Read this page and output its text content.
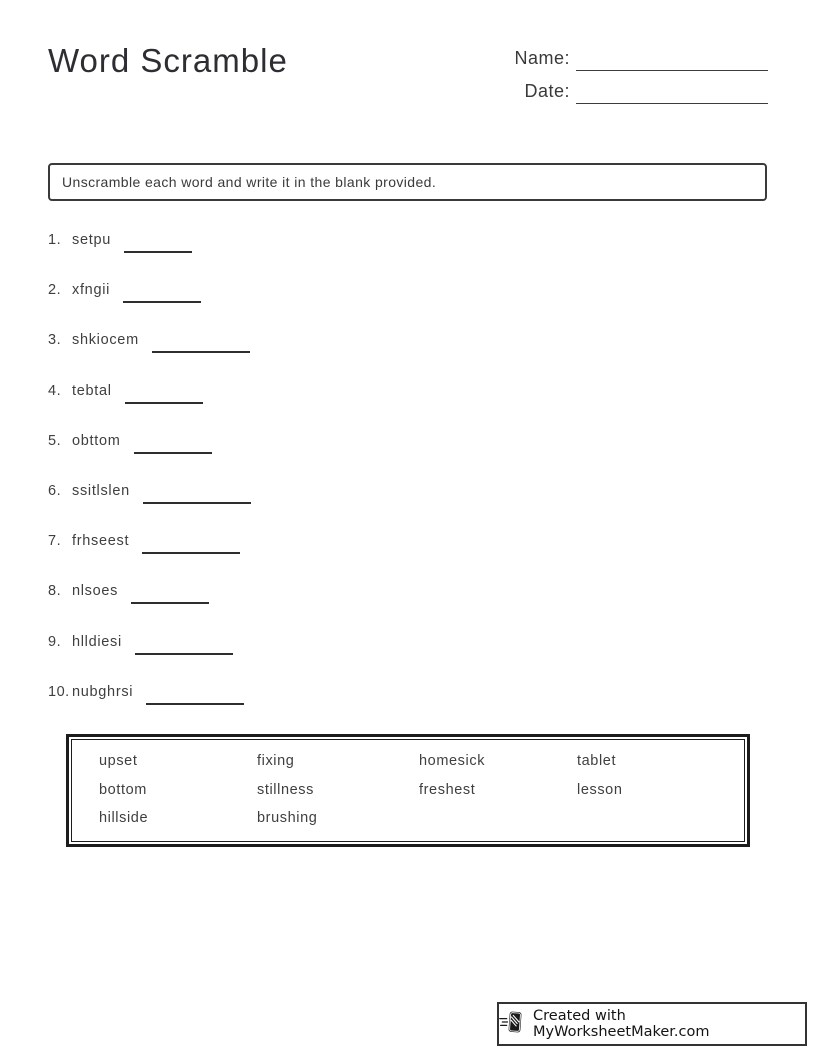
Word Scramble	Name:
Date:
Unscramble each word and write it in the blank provided.
1. setpu
2. xfngii
3. shkiocem
4. tebtal
5. obttom
6. ssitlslen
7. frhseest
8. nlsoes
9. hlldiesi
10. nubghrsi
upset	fixing	homesick	tablet
bottom	stillness	freshest	lesson
hillside	brushing
Created with MyWorksheetMaker.com
